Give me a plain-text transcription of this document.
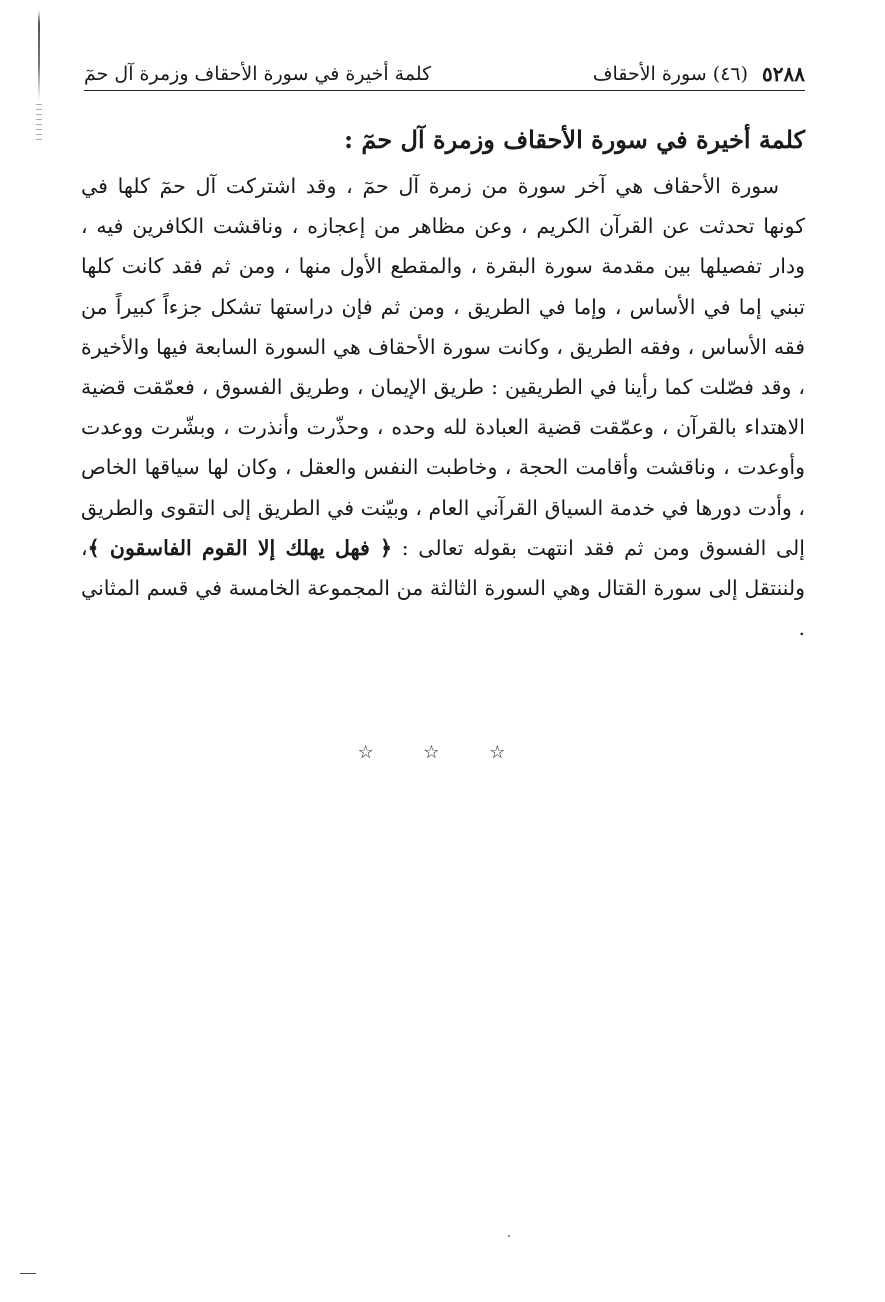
٥٢٨٨
(٤٦) سورة الأحقاف
كلمة أخيرة في سورة الأحقاف وزمرة آل حمٓ
كلمة أخيرة في سورة الأحقاف وزمرة آل حمٓ :

سورة الأحقاف هي آخر سورة من زمرة آل حمٓ ، وقد اشتركت آل حمٓ كلها في كونها تحدثت عن القرآن الكريم ، وعن مظاهر من إعجازه ، وناقشت الكافرين فيه ، ودار تفصيلها بين مقدمة سورة البقرة ، والمقطع الأول منها ، ومن ثم فقد كانت كلها تبني إما في الأساس ، وإما في الطريق ، ومن ثم فإن دراستها تشكل جزءاً كبيراً من فقه الأساس ، وفقه الطريق ، وكانت سورة الأحقاف هي السورة السابعة فيها والأخيرة ، وقد فصّلت كما رأينا في الطريقين : طريق الإيمان ، وطريق الفسوق ، فعمّقت قضية الاهتداء بالقرآن ، وعمّقت قضية العبادة لله وحده ، وحذّرت وأنذرت ، وبشّرت ووعدت وأوعدت ، وناقشت وأقامت الحجة ، وخاطبت النفس والعقل ، وكان لها سياقها الخاص ، وأدت دورها في خدمة السياق القرآني العام ، وبيّنت في الطريق إلى التقوى والطريق إلى الفسوق ومن ثم فقد انتهت بقوله تعالى : ﴿ فهل يهلك إلا القوم الفاسقون ﴾، ولننتقل إلى سورة القتال وهي السورة الثالثة من المجموعة الخامسة في قسم المثاني .

☆ ☆ ☆
